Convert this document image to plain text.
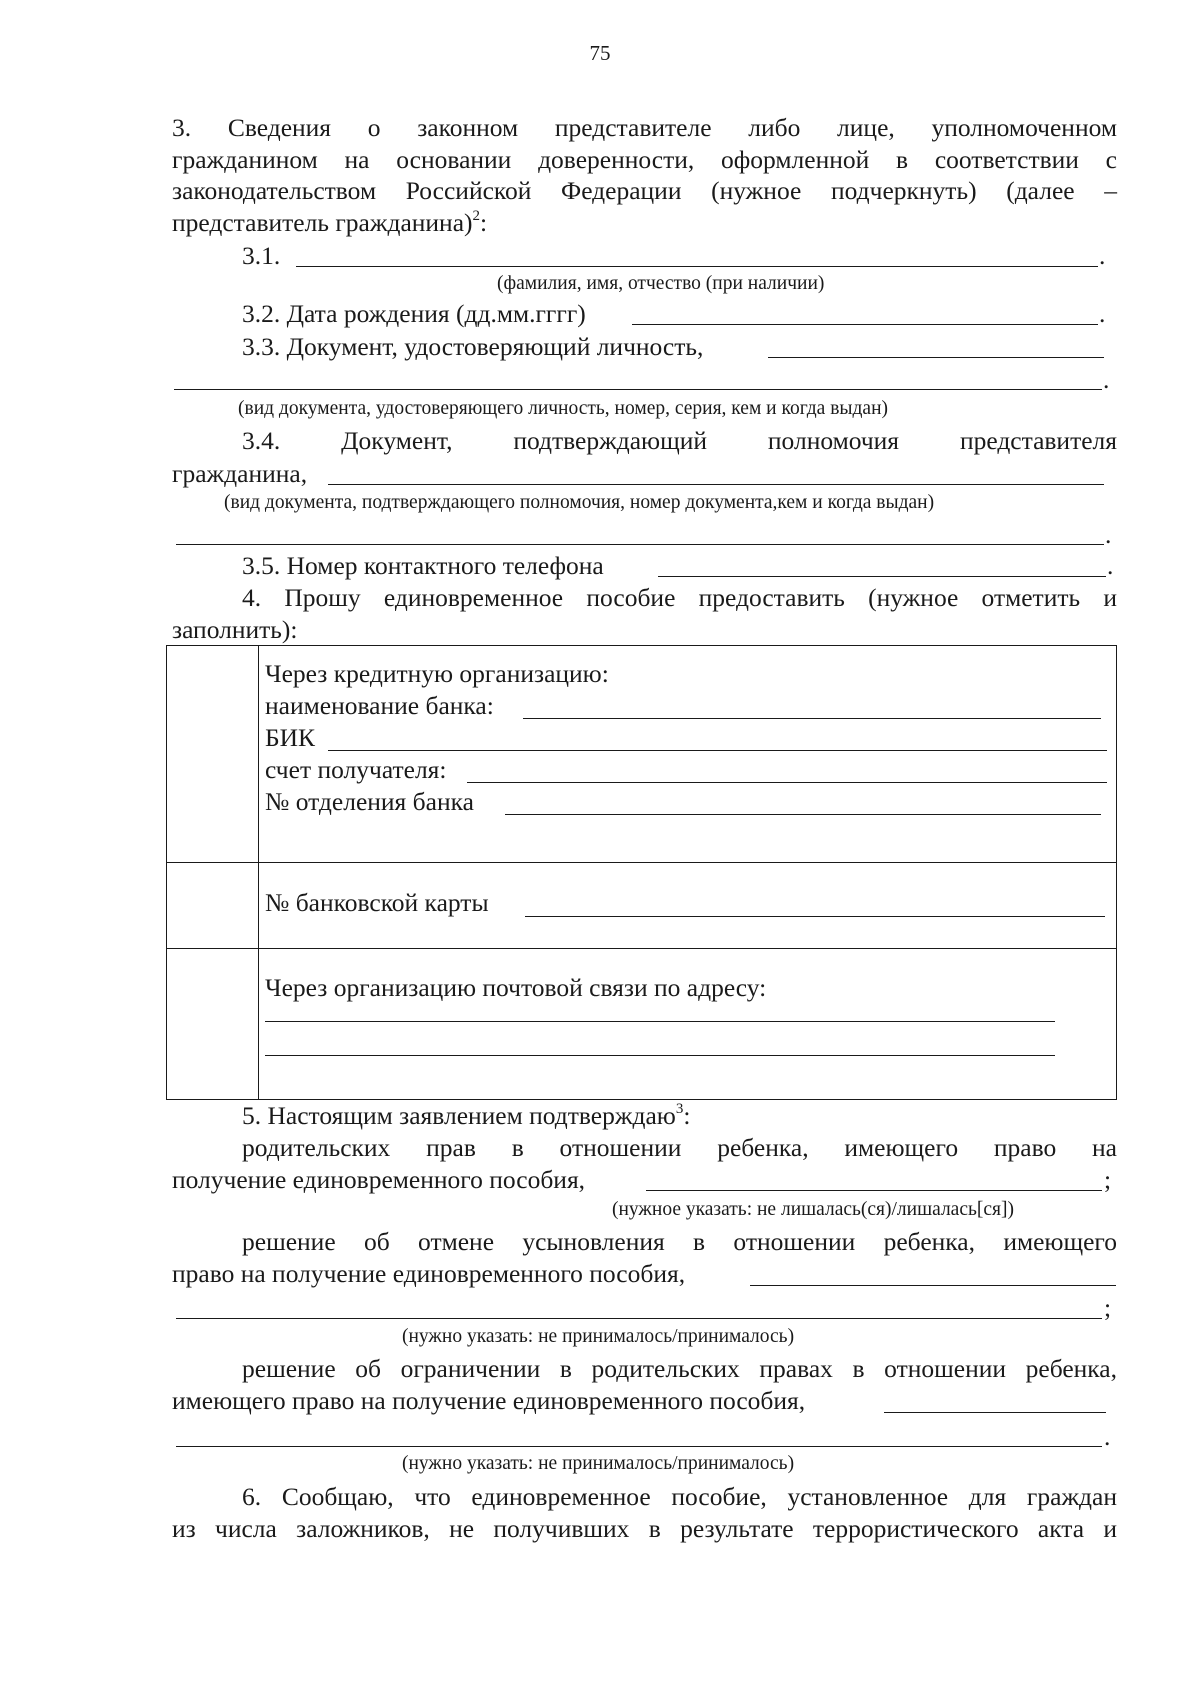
75
3. Сведения о законном представителе либо лице, уполномоченном
гражданином на основании доверенности, оформленной в соответствии с
законодательством Российской Федерации (нужное подчеркнуть) (далее –
представитель гражданина)$^2$:
3.1.	.
(фамилия, имя, отчество (при наличии)
3.2. Дата рождения (дд.мм.гггг)	.
3.3. Документ, удостоверяющий личность,
.
(вид документа, удостоверяющего личность, номер, серия, кем и когда выдан)
3.4. Документ, подтверждающий полномочия представителя
гражданина,
(вид документа, подтверждающего полномочия, номер документа,кем и когда выдан)
.
3.5. Номер контактного телефона	.
4. Прошу единовременное пособие предоставить (нужное отметить и
заполнить):
Через кредитную организацию:
наименование банка:
БИК
счет получателя:
№ отделения банка
№ банковской карты
Через организацию почтовой связи по адресу:
5. Настоящим заявлением подтверждаю$^3$:
родительских прав в отношении ребенка, имеющего право на
получение единовременного пособия,	;
(нужное указать: не лишалась(ся)/лишалась[ся])
решение об отмене усыновления в отношении ребенка, имеющего
право на получение единовременного пособия,
;
(нужно указать: не принималось/принималось)
решение об ограничении в родительских правах в отношении ребенка,
имеющего право на получение единовременного пособия,
.
(нужно указать: не принималось/принималось)
6. Сообщаю, что единовременное пособие, установленное для граждан
из числа заложников, не получивших в результате террористического акта и
